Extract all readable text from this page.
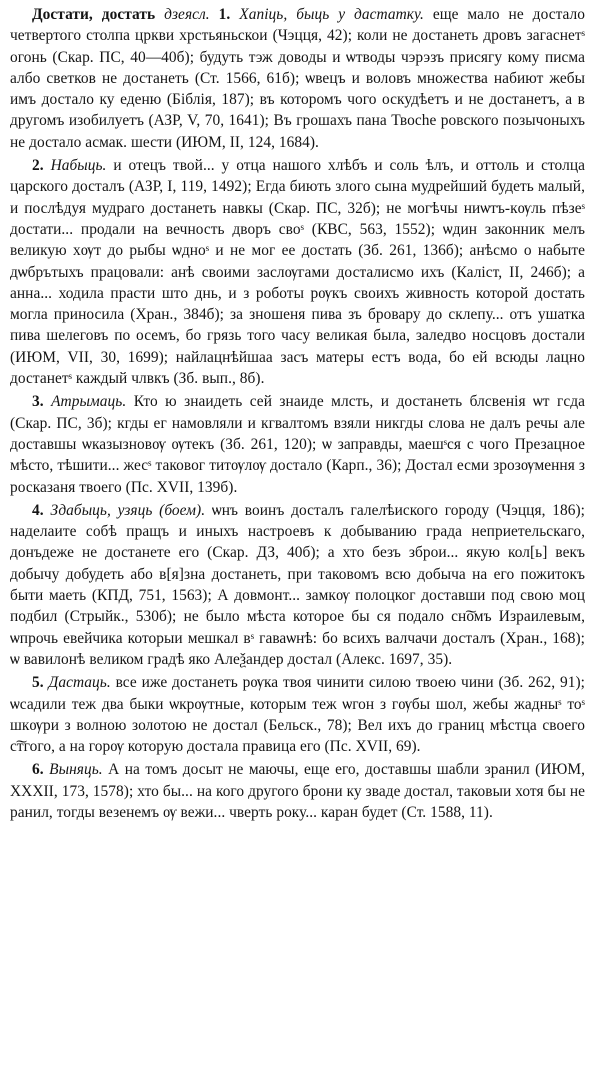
Достати, достать дзеясл. 1. Хапіць, быць у дастатку. еще мало не достало четвертого столпа цркви хрстьяньскои (Чэцця, 42); коли не достанеть дровъ загаснетˢ огонь (Скар. ПС, 40—40б); будуть тэж доводы и ѡтводы чэрэзъ присягу кому писма албо светков не достанеть (Ст. 1566, 61б); ѡвецъ и воловъ множества набиют жебы имъ достало ку еденю (Біблія, 187); въ которомъ чого оскудѣетъ и не достанетъ, а в другомъ изобилуетъ (АЗР, V, 70, 1641); Въ грошахъ пана Твоche ровского позычоныхъ не достало асмак. шести (ИЮМ, II, 124, 1684).

2. Набыць. и отецъ твой... у отца нашого хлѣбъ и соль ѣлъ, и оттоль и столца царского досталъ (АЗР, I, 119, 1492); Егда биють злого сына мудрейший будеть малый, и послѣдуя мудраго достанеть навкы (Скар. ПС, 32б); не могѣчы ниѡтъ-кѹль пѣзеˢ достати... продали на вечность дворъ своˢ (КВС, 563, 1552); ѡдин законник мелъ великую хѹт до рыбы ѡдноˢ и не мог ее достать (Зб. 261, 136б); анѣсмо о набыте дѡбрътыхъ працовали: анѣ своими заслѹгами досталисмо ихъ (Каліст, II, 246б); а анна... ходила прасти што днь, и з роботы рѹкъ своихъ живность которой достать могла приносила (Хран., 384б); за зношеня пива зъ бровару до склепу... отъ ушатка пива шелеговъ по осемъ, бо грязь того часу великая была, заледво носцовъ достали (ИЮМ, VII, 30, 1699); найлацнѣйшаа засъ матеры естъ вода, бо ей всюды лацно достанетˢ каждый члвкъ (Зб. вып., 8б).

3. Атрымаць. Кто ю знаидеть сей знаиде млсть, и достанеть блсвенія ѡт гсда (Скар. ПС, 3б); кгды ег намовляли и кгвалтомъ взяли никгды слова не далъ речы але доставшы ѡказызновѹ ѹтекъ (Зб. 261, 120); ѡ заправды, маешˢся с чого Презацное мѣсто, тѣшити... жесˢ таковог титѹлѹ достало (Карп., 36); Достал есми зрозѹмення з росказаня твоего (Пс. XVII, 139б).

4. Здабыць, узяць (боем). ѡнъ воинъ досталъ галелѣиского городу (Чэцця, 186); наделаите собѣ пращъ и иныхъ настроевъ к добыванию града неприетельскаго, донъдеже не достанете его (Скар. ДЗ, 40б); а хто безъ зброи... якую кол[ь] векъ добычу добудеть або в[я]зна достанеть, при таковомъ всю добыча на его пожитокъ быти маеть (КПД, 751, 1563); А довмонт... замкѹ полоцког доставши под свою моц подбил (Стрыйк., 530б); не было мѣста которое бы ся подало сн͠омъ Израилевым, ѡпрочь евейчика которыи мешкал вˢ гаваѡнѣ: бо всихъ валчачи досталъ (Хран., 168); ѡ вавилонѣ великом градѣ яко Алеѯандер достал (Алекс. 1697, 35).

5. Дастаць. все иже достанеть рѹка твоя чинити силою твоею чини (Зб. 262, 91); ѡсадили теж два быки ѡкрѹтные, которым теж ѡгон з гѹбы шол, жебы жадныˢ тоˢ шкѹри з волною золотою не достал (Бельск., 78); Вел ихъ до границ мѣстца своего с͠тгого, а на горѹ которую достала правица его (Пс. XVII, 69).

6. Выняць. А на томъ досыт не маючы, еще его, доставшы шабли зранил (ИЮМ, XXXII, 173, 1578); хто бы... на кого другого брони ку зваде достал, таковыи хотя бы не ранил, тогды везенемъ ѹ вежи... чверть року... каран будет (Ст. 1588, 11).
